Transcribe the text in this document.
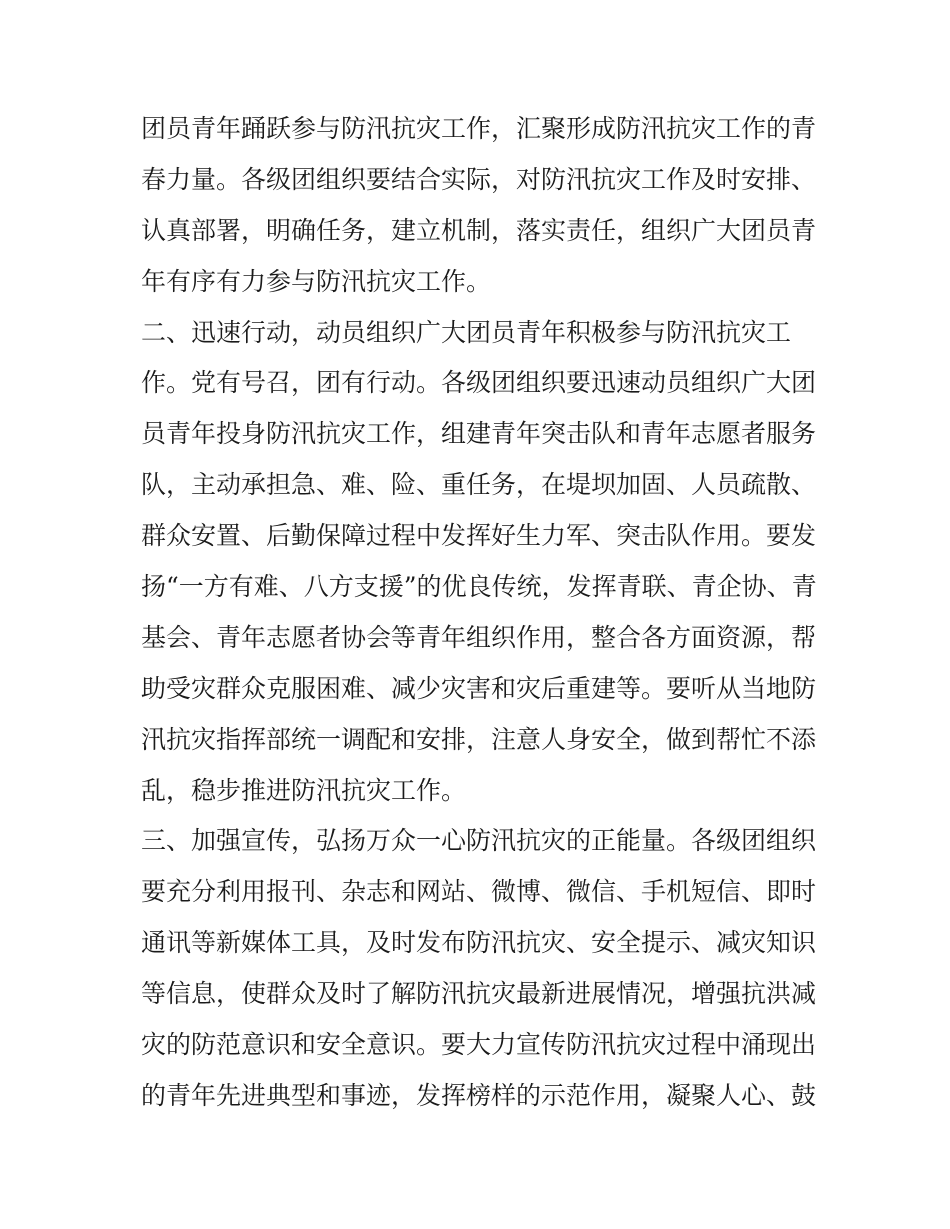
团员青年踊跃参与防汛抗灾工作，汇聚形成防汛抗灾工作的青
春力量。各级团组织要结合实际，对防汛抗灾工作及时安排、
认真部署，明确任务，建立机制，落实责任，组织广大团员青
年有序有力参与防汛抗灾工作。
二、迅速行动，动员组织广大团员青年积极参与防汛抗灾工
作。党有号召，团有行动。各级团组织要迅速动员组织广大团
员青年投身防汛抗灾工作，组建青年突击队和青年志愿者服务
队，主动承担急、难、险、重任务，在堤坝加固、人员疏散、
群众安置、后勤保障过程中发挥好生力军、突击队作用。要发
扬“一方有难、八方支援”的优良传统，发挥青联、青企协、青
基会、青年志愿者协会等青年组织作用，整合各方面资源，帮
助受灾群众克服困难、减少灾害和灾后重建等。要听从当地防
汛抗灾指挥部统一调配和安排，注意人身安全，做到帮忙不添
乱，稳步推进防汛抗灾工作。
三、加强宣传，弘扬万众一心防汛抗灾的正能量。各级团组织
要充分利用报刊、杂志和网站、微博、微信、手机短信、即时
通讯等新媒体工具，及时发布防汛抗灾、安全提示、减灾知识
等信息，使群众及时了解防汛抗灾最新进展情况，增强抗洪减
灾的防范意识和安全意识。要大力宣传防汛抗灾过程中涌现出
的青年先进典型和事迹，发挥榜样的示范作用，凝聚人心、鼓
